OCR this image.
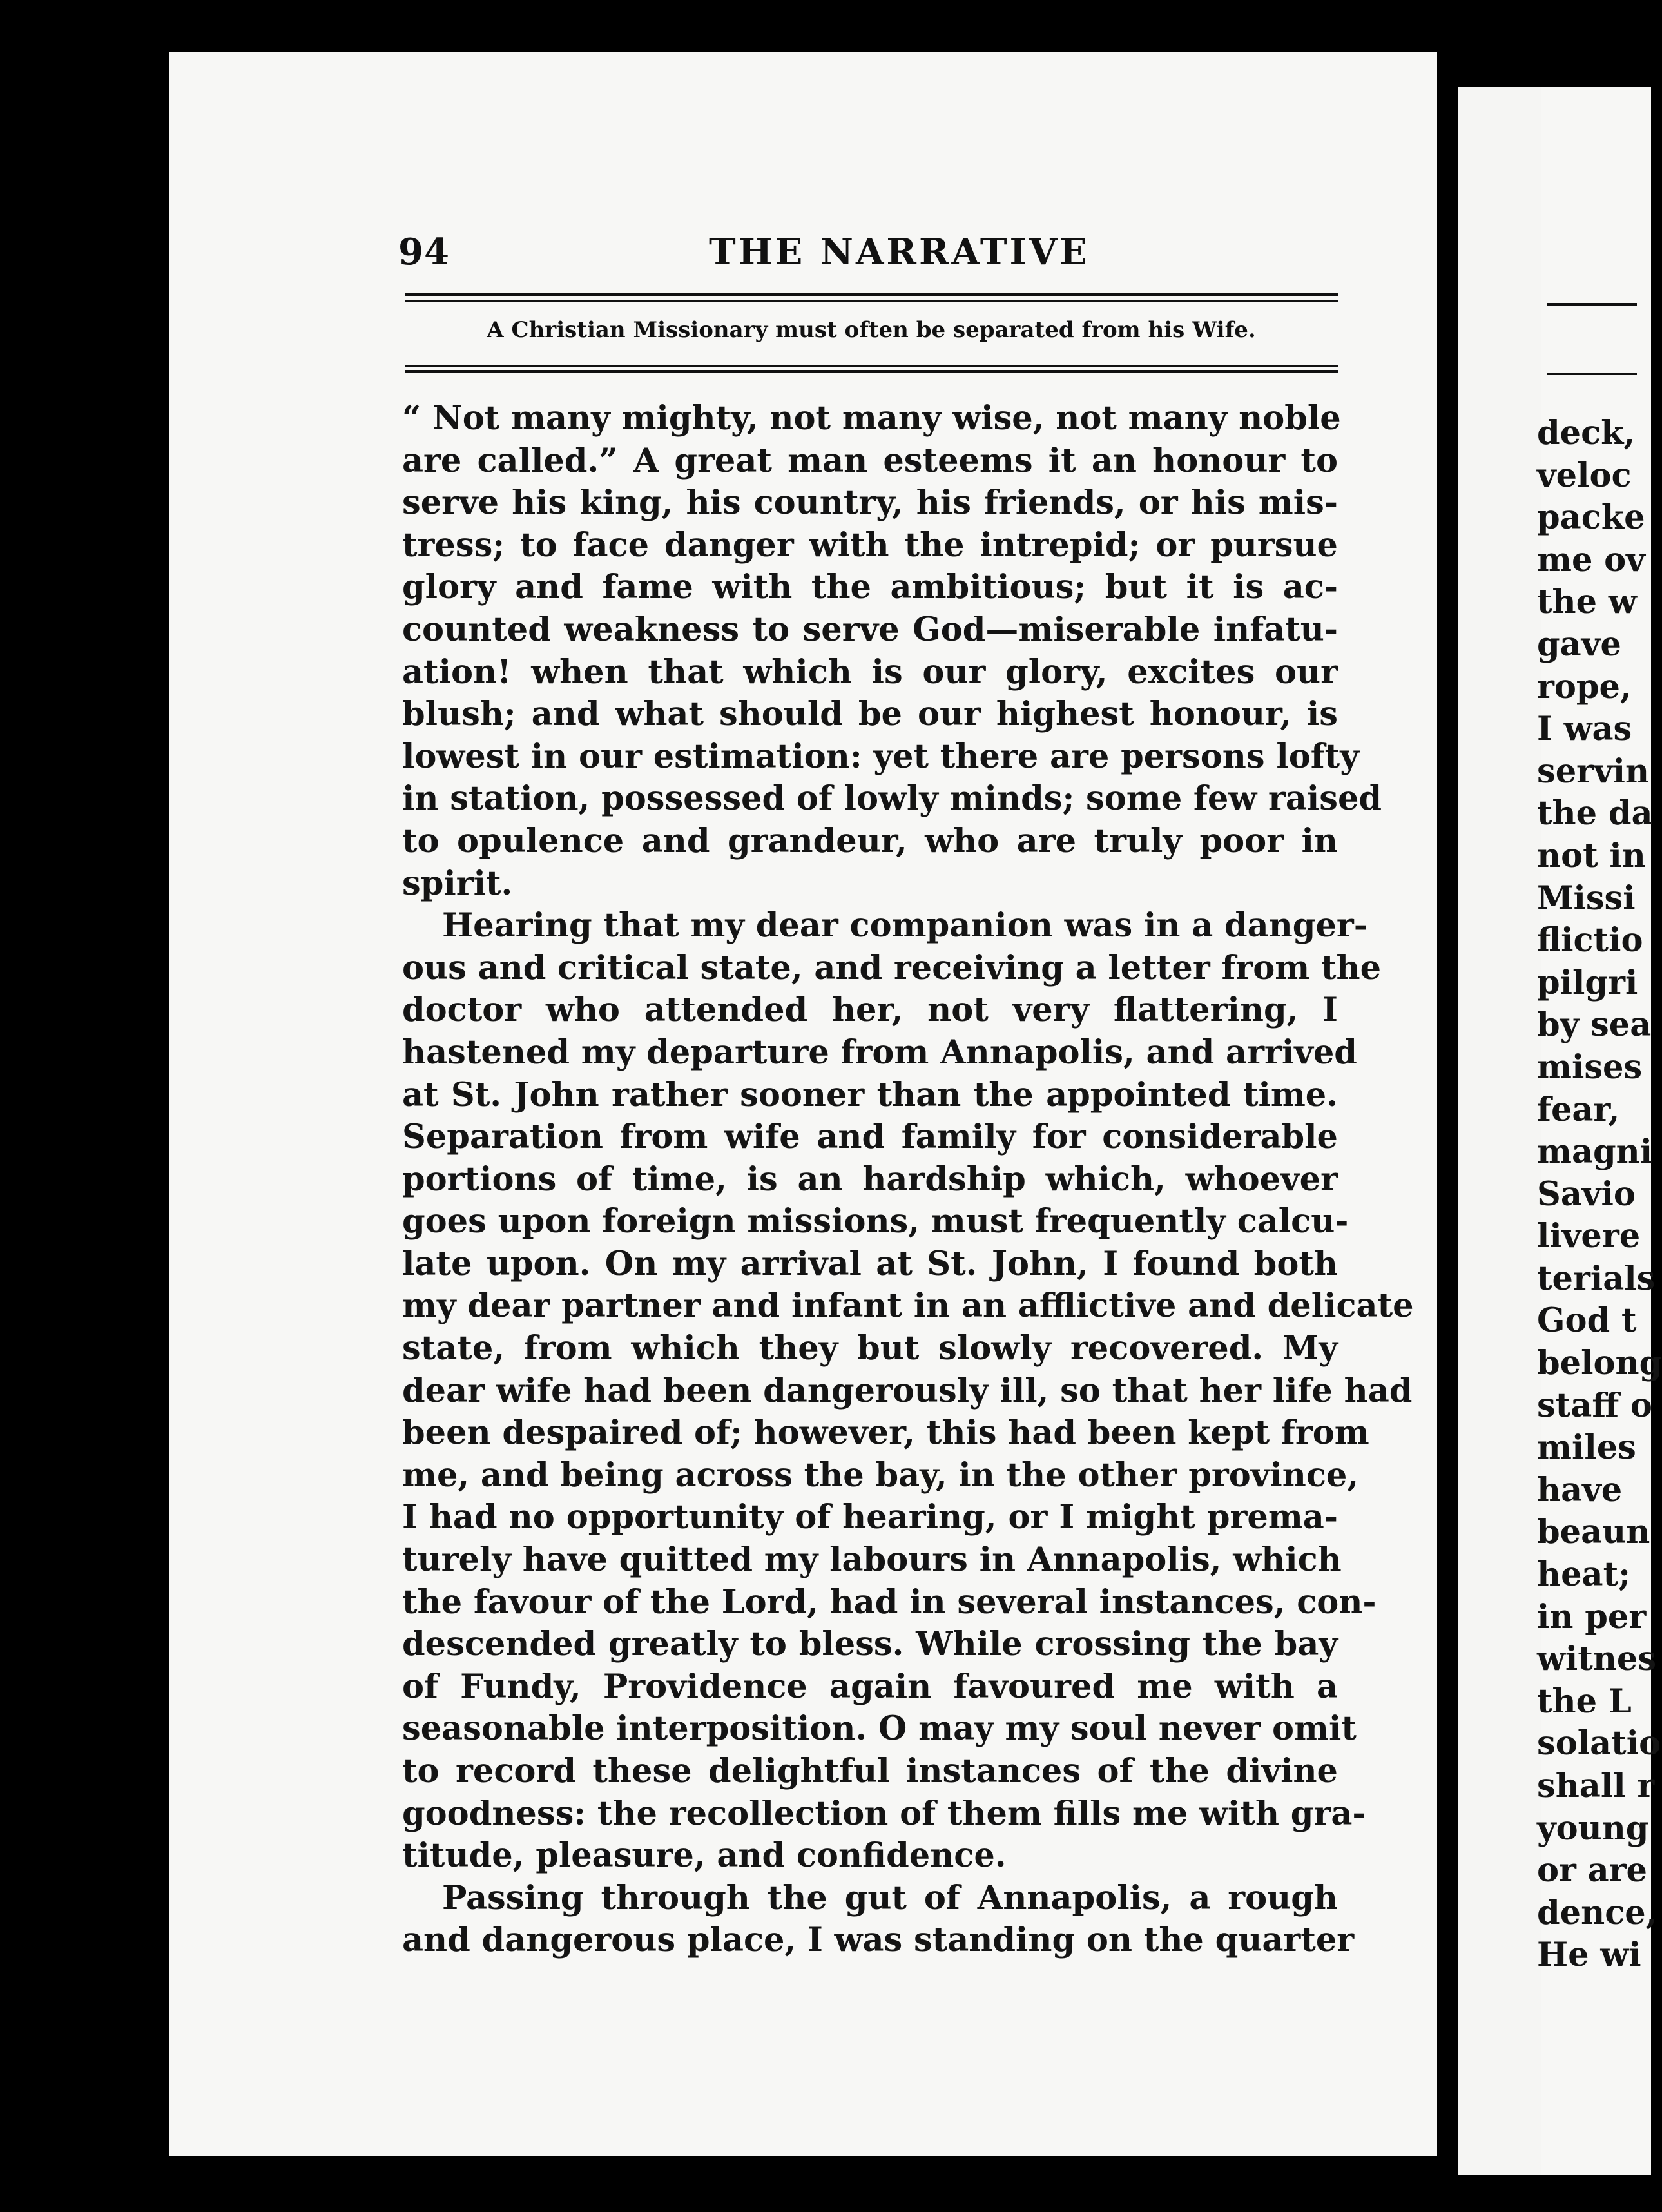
94	THE NARRATIVE
A Christian Missionary must often be separated from his Wife.
“ Not many mighty, not many wise, not many noble
are called.” A great man esteems it an honour to
serve his king, his country, his friends, or his mis-
tress; to face danger with the intrepid; or pursue
glory and fame with the ambitious; but it is ac-
counted weakness to serve God—miserable infatu-
ation! when that which is our glory, excites our
blush; and what should be our highest honour, is
lowest in our estimation: yet there are persons lofty
in station, possessed of lowly minds; some few raised
to opulence and grandeur, who are truly poor in
spirit.
Hearing that my dear companion was in a danger-
ous and critical state, and receiving a letter from the
doctor who attended her, not very flattering, I
hastened my departure from Annapolis, and arrived
at St. John rather sooner than the appointed time.
Separation from wife and family for considerable
portions of time, is an hardship which, whoever
goes upon foreign missions, must frequently calcu-
late upon. On my arrival at St. John, I found both
my dear partner and infant in an afflictive and delicate
state, from which they but slowly recovered. My
dear wife had been dangerously ill, so that her life had
been despaired of; however, this had been kept from
me, and being across the bay, in the other province,
I had no opportunity of hearing, or I might prema-
turely have quitted my labours in Annapolis, which
the favour of the Lord, had in several instances, con-
descended greatly to bless. While crossing the bay
of Fundy, Providence again favoured me with a
seasonable interposition. O may my soul never omit
to record these delightful instances of the divine
goodness: the recollection of them fills me with gra-
titude, pleasure, and confidence.
Passing through the gut of Annapolis, a rough
and dangerous place, I was standing on the quarter
deck,
veloc
packe
me ov
the w
gave
rope,
I was
servin
the da
not in
Missi
flictio
pilgri
by sea
mises
fear,
magni
Savio
livere
terials
God t
belong
staff o
miles
have
beaun
heat;
in per
witnes
the L
solatio
shall r
young
or are
dence,
He wi
